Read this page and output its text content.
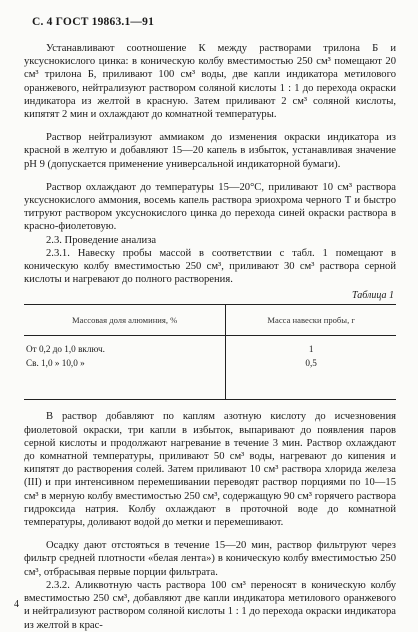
С. 4 ГОСТ 19863.1—91

Устанавливают соотношение К между растворами трилона Б и уксуснокислого цинка: в коническую колбу вместимостью 250 см³ помещают 20 см³ трилона Б, приливают 100 см³ воды, две капли индикатора метилового оранжевого, нейтрализуют раствором соляной кислоты 1 : 1 до перехода окраски индикатора из желтой в красную. Затем приливают 2 см³ соляной кислоты, кипятят 2 мин и охлаждают до комнатной температуры.

Раствор нейтрализуют аммиаком до изменения окраски индикатора из красной в желтую и добавляют 15—20 капель в избыток, устанавливая значение pH 9 (допускается применение универсальной индикаторной бумаги).

Раствор охлаждают до температуры 15—20°С, приливают 10 см³ раствора уксуснокислого аммония, восемь капель раствора эриохрома черного Т и быстро титруют раствором уксуснокислого цинка до перехода синей окраски раствора в красно-фиолетовую.

2.3. Проведение анализа

2.3.1. Навеску пробы массой в соответствии с табл. 1 помещают в коническую колбу вместимостью 250 см³, приливают 30 см³ раствора серной кислоты и нагревают до полного растворения.

Таблица 1
Массовая доля алюминия, %	Масса навески пробы, г

От 0,2 до 1,0 включ.	1
Св. 1,0 » 10,0 »	0,5

В раствор добавляют по каплям азотную кислоту до исчезновения фиолетовой окраски, три капли в избыток, выпаривают до появления паров серной кислоты и продолжают нагревание в течение 3 мин. Раствор охлаждают до комнатной температуры, приливают 50 см³ воды, нагревают до кипения и кипятят до растворения солей. Затем приливают 10 см³ раствора хлорида железа (III) и при интенсивном перемешивании переводят раствор порциями по 10—15 см³ в мерную колбу вместимостью 250 см³, содержащую 90 см³ горячего раствора гидроксида натрия. Колбу охлаждают в проточной воде до комнатной температуры, доливают водой до метки и перемешивают.

Осадку дают отстояться в течение 15—20 мин, раствор фильтруют через фильтр средней плотности «белая лента») в коническую колбу вместимостью 250 см³, отбрасывая первые порции фильтрата.

2.3.2. Аликвотную часть раствора 100 см³ переносят в коническую колбу вместимостью 250 см³, добавляют две капли индикатора метилового оранжевого и нейтрализуют раствором соляной кислоты 1 : 1 до перехода окраски индикатора из желтой в крас-

4
